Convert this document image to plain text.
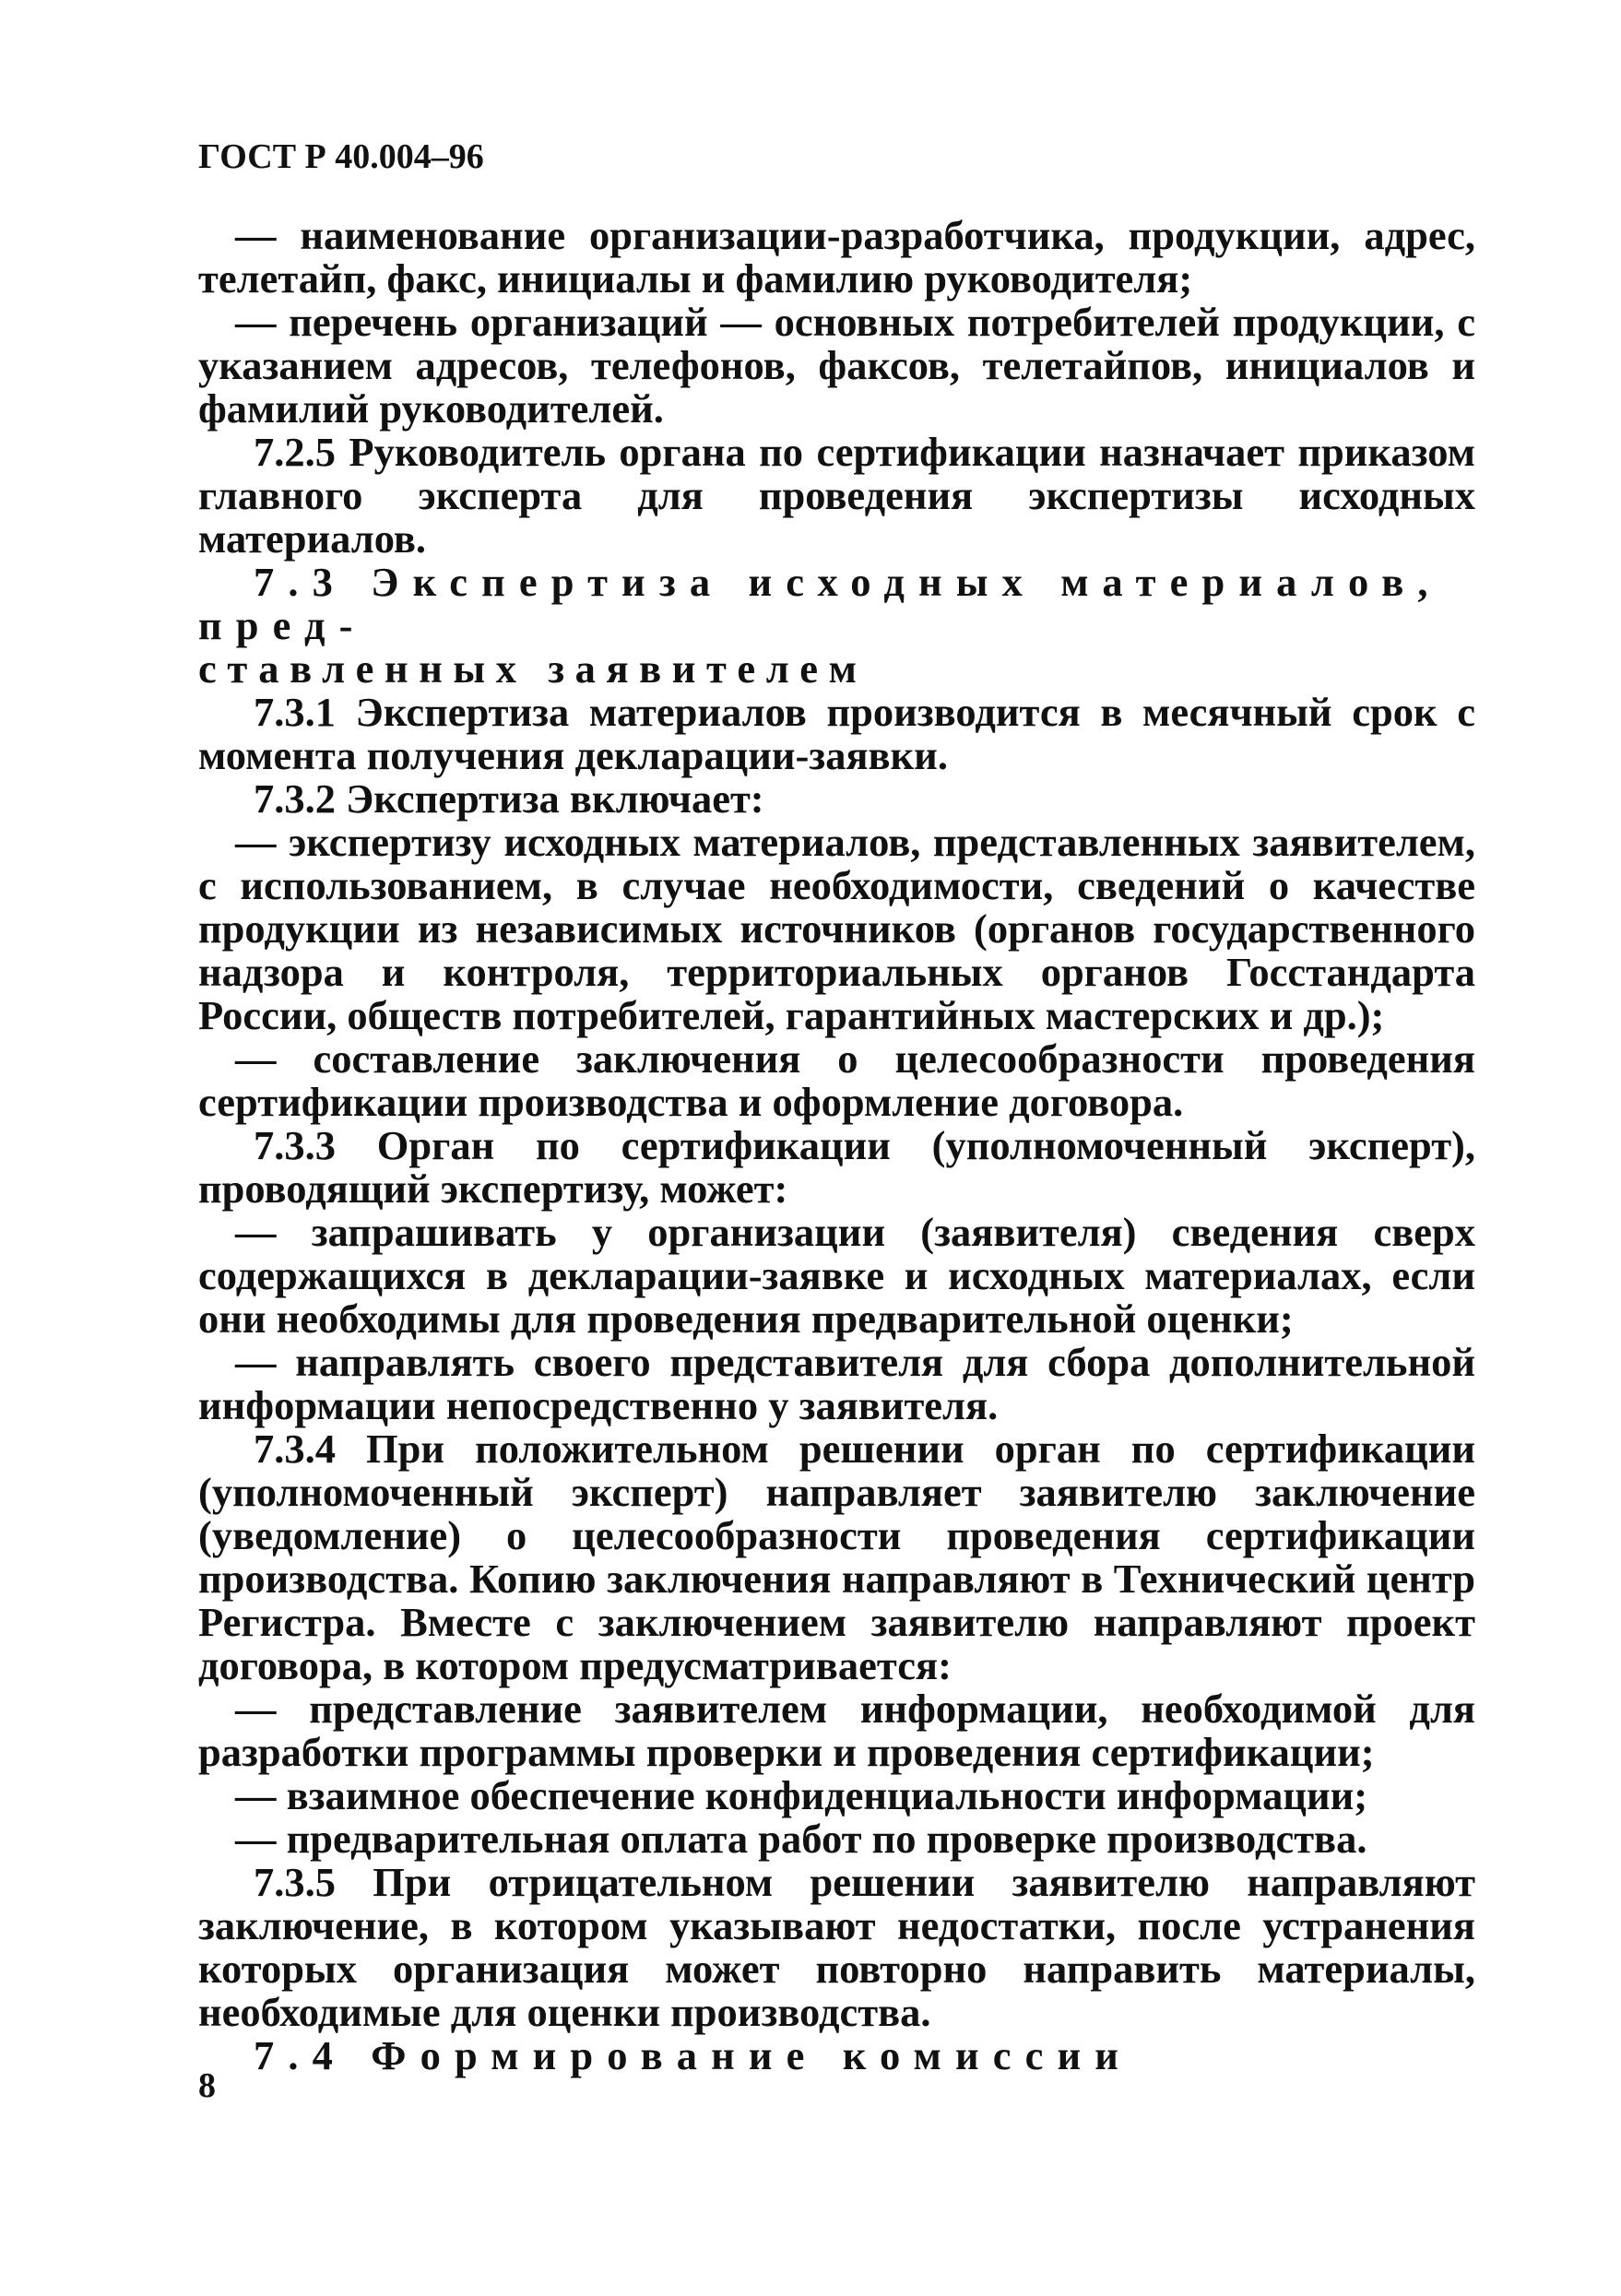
ГОСТ Р 40.004–96

— наименование организации-разработчика, продукции, адрес, телетайп, факс, инициалы и фамилию руководителя;

— перечень организаций — основных потребителей продукции, с указанием адресов, телефонов, факсов, телетайпов, инициалов и фамилий руководителей.

7.2.5 Руководитель органа по сертификации назначает приказом главного эксперта для проведения экспертизы исходных материалов.

7.3 Экспертиза исходных материалов, пред-

ставленных заявителем

7.3.1 Экспертиза материалов производится в месячный срок с момента получения декларации-заявки.

7.3.2 Экспертиза включает:

— экспертизу исходных материалов, представленных заявителем, с использованием, в случае необходимости, сведений о качестве продукции из независимых источников (органов государственного надзора и контроля, территориальных органов Госстандарта России, обществ потребителей, гарантийных мастерских и др.);

— составление заключения о целесообразности проведения сертификации производства и оформление договора.

7.3.3 Орган по сертификации (уполномоченный эксперт), проводящий экспертизу, может:

— запрашивать у организации (заявителя) сведения сверх содержащихся в декларации-заявке и исходных материалах, если они необходимы для проведения предварительной оценки;

— направлять своего представителя для сбора дополнительной информации непосредственно у заявителя.

7.3.4 При положительном решении орган по сертификации (уполномоченный эксперт) направляет заявителю заключение (уведомление) о целесообразности проведения сертификации производства. Копию заключения направляют в Технический центр Регистра. Вместе с заключением заявителю направляют проект договора, в котором предусматривается:

— представление заявителем информации, необходимой для разработки программы проверки и проведения сертификации;

— взаимное обеспечение конфиденциальности информации;

— предварительная оплата работ по проверке производства.

7.3.5 При отрицательном решении заявителю направляют заключение, в котором указывают недостатки, после устранения которых организация может повторно направить материалы, необходимые для оценки производства.

7.4 Формирование комиссии

8
